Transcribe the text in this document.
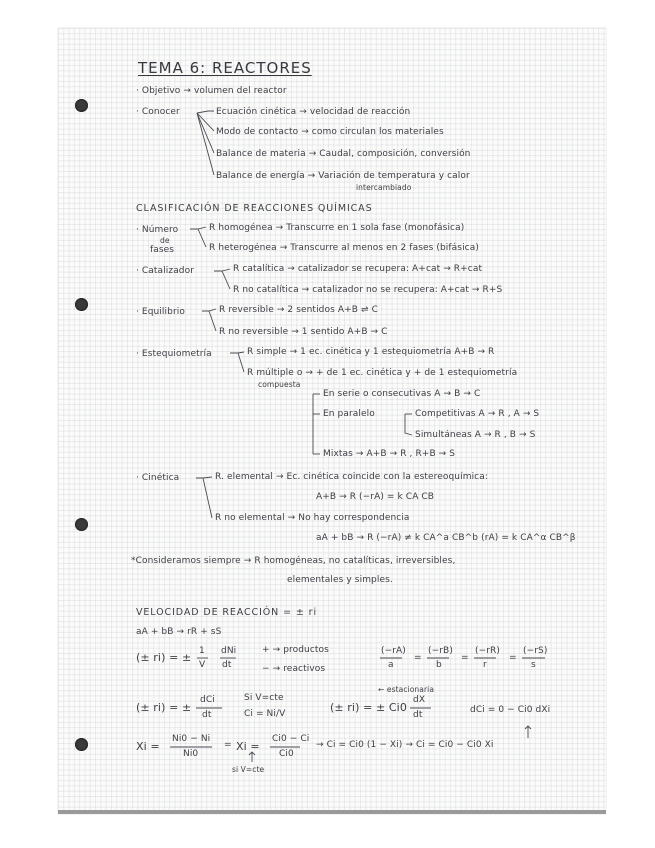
TEMA 6: REACTORES
· Objetivo → volumen del reactor
· Conocer	Ecuación cinética → velocidad de reacción
Modo de contacto → como circulan los materiales
Balance de materia → Caudal, composición, conversión
Balance de energía → Variación de temperatura y calor
intercambiado
CLASIFICACIÓN DE REACCIONES QUÍMICAS
· Número
de
fases
R homogénea → Transcurre en 1 sola fase (monofásica)
R heterogénea → Transcurre al menos en 2 fases (bifásica)
· Catalizador	R catalítica → catalizador se recupera: A+cat → R+cat
R no catalítica → catalizador no se recupera: A+cat → R+S
· Equilibrio	R reversible → 2 sentidos A+B ⇌ C
R no reversible → 1 sentido A+B → C
· Estequiometría	R simple → 1 ec. cinética y 1 estequiometría A+B → R
R múltiple o → + de 1 ec. cinética y + de 1 estequiometría
compuesta
En serie o consecutivas A → B → C
En paralelo	Competitivas A → R , A → S
Simultáneas A → R , B → S
Mixtas → A+B → R , R+B → S
· Cinética	R. elemental → Ec. cinética coincide con la estereoquímica:
A+B → R (−rA) = k CA CB
R no elemental → No hay correspondencia
aA + bB → R (−rA) ≠ k CA^a CB^b (rA) = k CA^α CB^β
*Consideramos siempre → R homogéneas, no catalíticas, irreversibles,
elementales y simples.
VELOCIDAD DE REACCIÓN = ± ri
aA + bB → rR + sS
(± ri) = ± 1
V
dNi
dt
+ → productos
− → reactivos
(−rA)
a
=
(−rB)
b
=
(−rR)
r
=
(−rS)
s
(± ri) = ±
dCi
dt
Si V=cte
Ci = Ni/V
← estacionaria
(± ri) = ± Ci0
dX
dt	dCi = 0 − Ci0 dXi
Xi =
Ni0 − Ni
Ni0
= Xi =
Ci0 − Ci
Ci0
si V=cte
→ Ci = Ci0 (1 − Xi) → Ci = Ci0 − Ci0 Xi
